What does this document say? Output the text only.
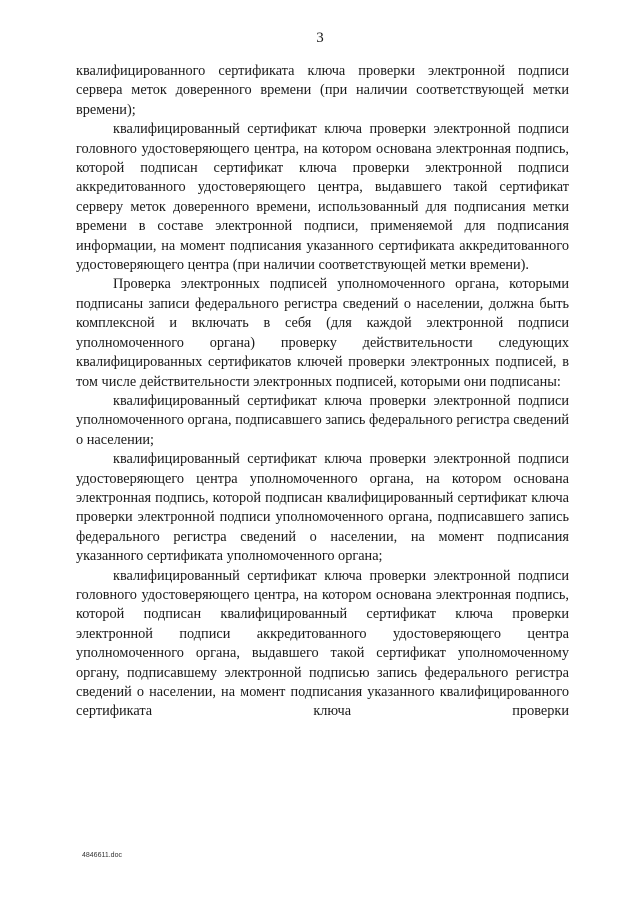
3

квалифицированного сертификата ключа проверки электронной подписи сервера меток доверенного времени (при наличии соответствующей метки времени);

квалифицированный сертификат ключа проверки электронной подписи головного удостоверяющего центра, на котором основана электронная подпись, которой подписан сертификат ключа проверки электронной подписи аккредитованного удостоверяющего центра, выдавшего такой сертификат серверу меток доверенного времени, использованный для подписания метки времени в составе электронной подписи, применяемой для подписания информации, на момент подписания указанного сертификата аккредитованного удостоверяющего центра (при наличии соответствующей метки времени).

Проверка электронных подписей уполномоченного органа, которыми подписаны записи федерального регистра сведений о населении, должна быть комплексной и включать в себя (для каждой электронной подписи уполномоченного органа) проверку действительности следующих квалифицированных сертификатов ключей проверки электронных подписей, в том числе действительности электронных подписей, которыми они подписаны:

квалифицированный сертификат ключа проверки электронной подписи уполномоченного органа, подписавшего запись федерального регистра сведений о населении;

квалифицированный сертификат ключа проверки электронной подписи удостоверяющего центра уполномоченного органа, на котором основана электронная подпись, которой подписан квалифицированный сертификат ключа проверки электронной подписи уполномоченного органа, подписавшего запись федерального регистра сведений о населении, на момент подписания указанного сертификата уполномоченного органа;

квалифицированный сертификат ключа проверки электронной подписи головного удостоверяющего центра, на котором основана электронная подпись, которой подписан квалифицированный сертификат ключа проверки электронной подписи аккредитованного удостоверяющего центра уполномоченного органа, выдавшего такой сертификат уполномоченному органу, подписавшему электронной подписью запись федерального регистра сведений о населении, на момент подписания указанного квалифицированного сертификата ключа проверки

4846611.doc
